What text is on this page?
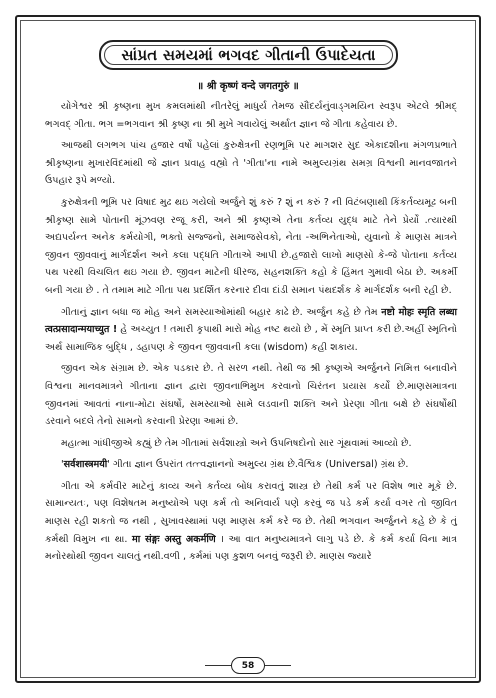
સાંપ્રત સમયમાં ભગવદ ગીતાની ઉપાદેયતા
॥ श्री कृष्णं वन्दे जगतगुरुं ॥

યોગેશ્વર શ્રી કૃષ્ણના મુખ કમલમાંથી નીતરેલું માધુર્ય તેમજ સૌંદર્યનુંવાડ્ગમયિન સ્વરૂપ એટલે શ્રીમદ્ ભગવદ્ ગીતા. ભગ =ભગવાન શ્રી કૃષ્ણ ના શ્રી મુખે ગવાયેલું અર્થાત જ્ઞાન જે ગીતા કહેવાય છે.

આજથી લગભગ પાંચ હજાર વર્ષો પહેલાં કુરુક્ષેત્રની રણભૂમિ પર માગશર સુદ એકાદશીના મંગળપ્રભાતે શ્રીકૃષ્ણના મુખારવિંદમાંથી જે જ્ઞાન પ્રવાહ વહ્યો તે 'ગીતા'ના નામે અમુલ્યગ્રંથ સમગ્ર વિશ્વની માનવજાતને ઉપહાર રૂપે મળ્યો.

કુરુક્ષેત્રની ભૂમિ પર વિષાદ મુઢ થઇ ગયેલો અર્જુને શું કરું ? શું ન કરું ? ની વિટંબણાથી કિંકર્તવ્યમૂઢ બની શ્રીકૃષ્ણ સામે પોતાની મૂંઝવણ રજૂ કરી, અને શ્રી કૃષ્ણએ તેના કર્તવ્ય યુદ્ધ માટે તેને પ્રેર્યો .ત્યારથી અદ્યપર્યન્ત અનેક કર્મયોગી, ભક્તો સજ્જનો, સમાજસેવકો, નેતા -અભિનેતાઓ, યુવાનો કે માણસ માત્રને જીવન જીવવાનું માર્ગદર્શન અને કલા પદ્ધતિ ગીતાએ આપી છે.હજારો લાખો માણસો કે-જે પોતાના કર્તવ્ય પથ પરથી વિચલિત થઇ ગયા છે. જીવન માટેની ધીરજ, સહનશક્તિ કહો કે હિંમત ગુમાવી બેઠા છે. અકર્મી બની ગયા છે . તે તમામ માટે ગીતા પથ પ્રદર્શિત કરનાર દીવા દાંડી સમાન પંથદર્શક કે માર્ગદર્શક બની રહી છે.

ગીતાનું જ્ઞાન બધા જ મોહ અને સમસ્યાઓમાંથી બહાર કાઢે છે. અર્જુન કહે છે તેમ नष्टो मोहः स्मृति लब्धा त्वत्प्रसादान्मयाच्युत ! હે અચ્યુત ! તમારી કૃપાથી મારો મોહ નષ્ટ થયો છે , મેં સ્મૃતિ પ્રાપ્ત કરી છે.અહીં સ્મૃતિનો અર્થ સામાજિક બુદ્ધિ , ડહાપણ કે જીવન જીવવાની કલા (wisdom) કહી શકાય.

જીવન એક સંગ્રામ છે. એક પડકાર છે. તે સરળ નથી. તેથી જ શ્રી કૃષ્ણએ અર્જુનને નિમિત્ત બનાવીને વિશ્વના માનવમાત્રને ગીતાના જ્ઞાન દ્વારા જીવનાભિમુખ કરવાનો ચિરંતન પ્રયાસ કર્યો છે.માણસમાત્રના જીવનમાં આવતાં નાના-મોટા સંઘર્ષો, સમસ્યાઓ સામે લડવાની શક્તિ અને પ્રેરણા ગીતા બક્ષે છે સંઘર્ષોથી ડરવાને બદલે તેનો સામનો કરવાની પ્રેરણા આમાં છે.

મહાત્મા ગાંધીજીએ કહ્યું છે તેમ ગીતામાં સર્વશાસ્ત્રો અને ઉપનિષદોનો સાર ગૂંથવામાં આવ્યો છે.

'सर्वशास्त्रमयी' ગીતા જ્ઞાન ઉપરાંત તત્ત્વજ્ઞાનનો અમુલ્ય ગ્રંથ છે.વૈશ્વિક (Universal) ગ્રંથ છે.

ગીતા એ કર્મવીર માટેનું કાવ્ય અને કર્તવ્ય બોધ કરાવતું શાસ્ત્ર છે તેથી કર્મ પર વિશેષ ભાર મૂકે છે. સામાન્યતઃ, પણ વિશેષતમ મનુષ્યોએ પણ કર્મ તો અનિવાર્ય પણે કરવું જ પડે કર્મ કર્યા વગર તો જીવિત માણસ રહી શકતો જ નથી , સુખાવસ્થામાં પણ માણસ કર્મ કરે જ છે. તેથી ભગવાન અર્જુનને કહે છે કે તું કર્મથી વિમુખ ના થા. मा संङ्गः अस्तु अकर्मणि । આ વાત મનુષ્યમાત્રને લાગુ પડે છે. કે કર્મ કર્યા વિના માત્ર મનોરથોથી જીવન ચાલતું નથી.વળી , કર્મમાં પણ કુશળ બનવું જરૂરી છે. માણસ જ્યારે

58
